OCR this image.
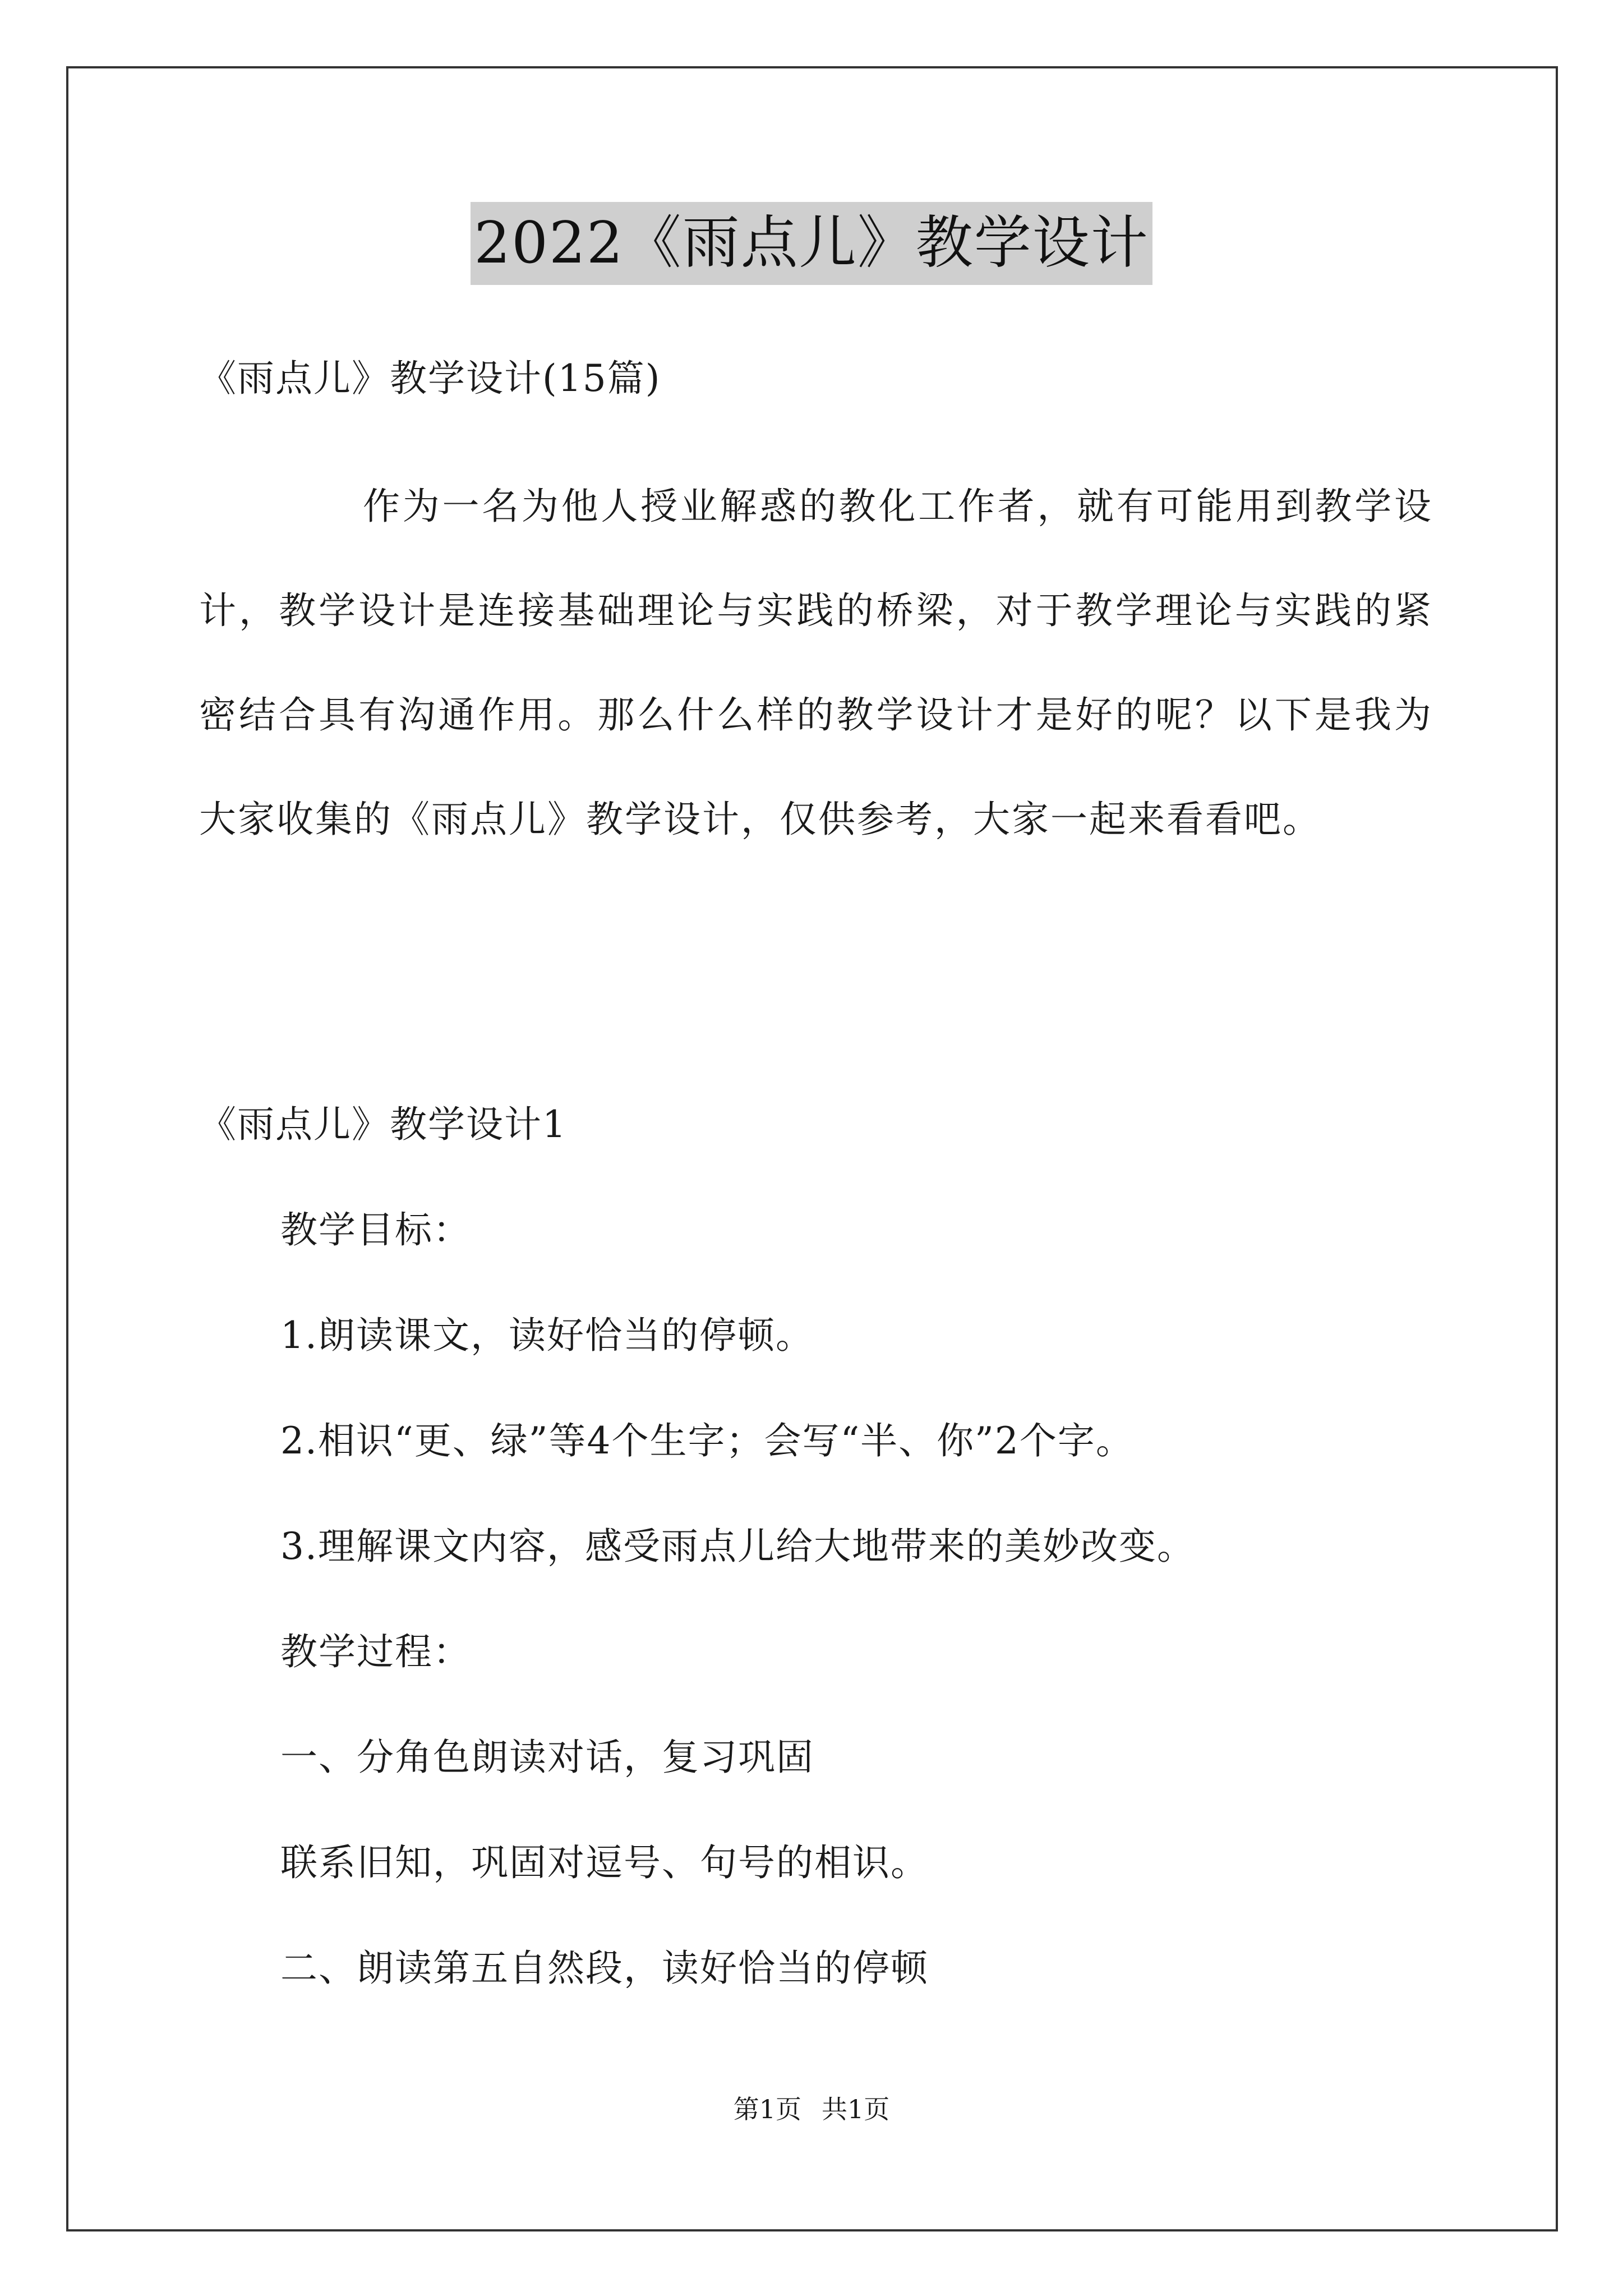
2022《雨点儿》教学设计
《雨点儿》教学设计(15篇)
作为一名为他人授业解惑的教化工作者，就有可能用到教学设计，教学设计是连接基础理论与实践的桥梁，对于教学理论与实践的紧密结合具有沟通作用。那么什么样的教学设计才是好的呢？以下是我为大家收集的《雨点儿》教学设计，仅供参考，大家一起来看看吧。
《雨点儿》教学设计1
教学目标：
1.朗读课文，读好恰当的停顿。
2.相识“更、绿”等4个生字；会写“半、你”2个字。
3.理解课文内容，感受雨点儿给大地带来的美妙改变。
教学过程：
一、分角色朗读对话，复习巩固
联系旧知，巩固对逗号、句号的相识。
二、朗读第五自然段，读好恰当的停顿
第1页 共1页
